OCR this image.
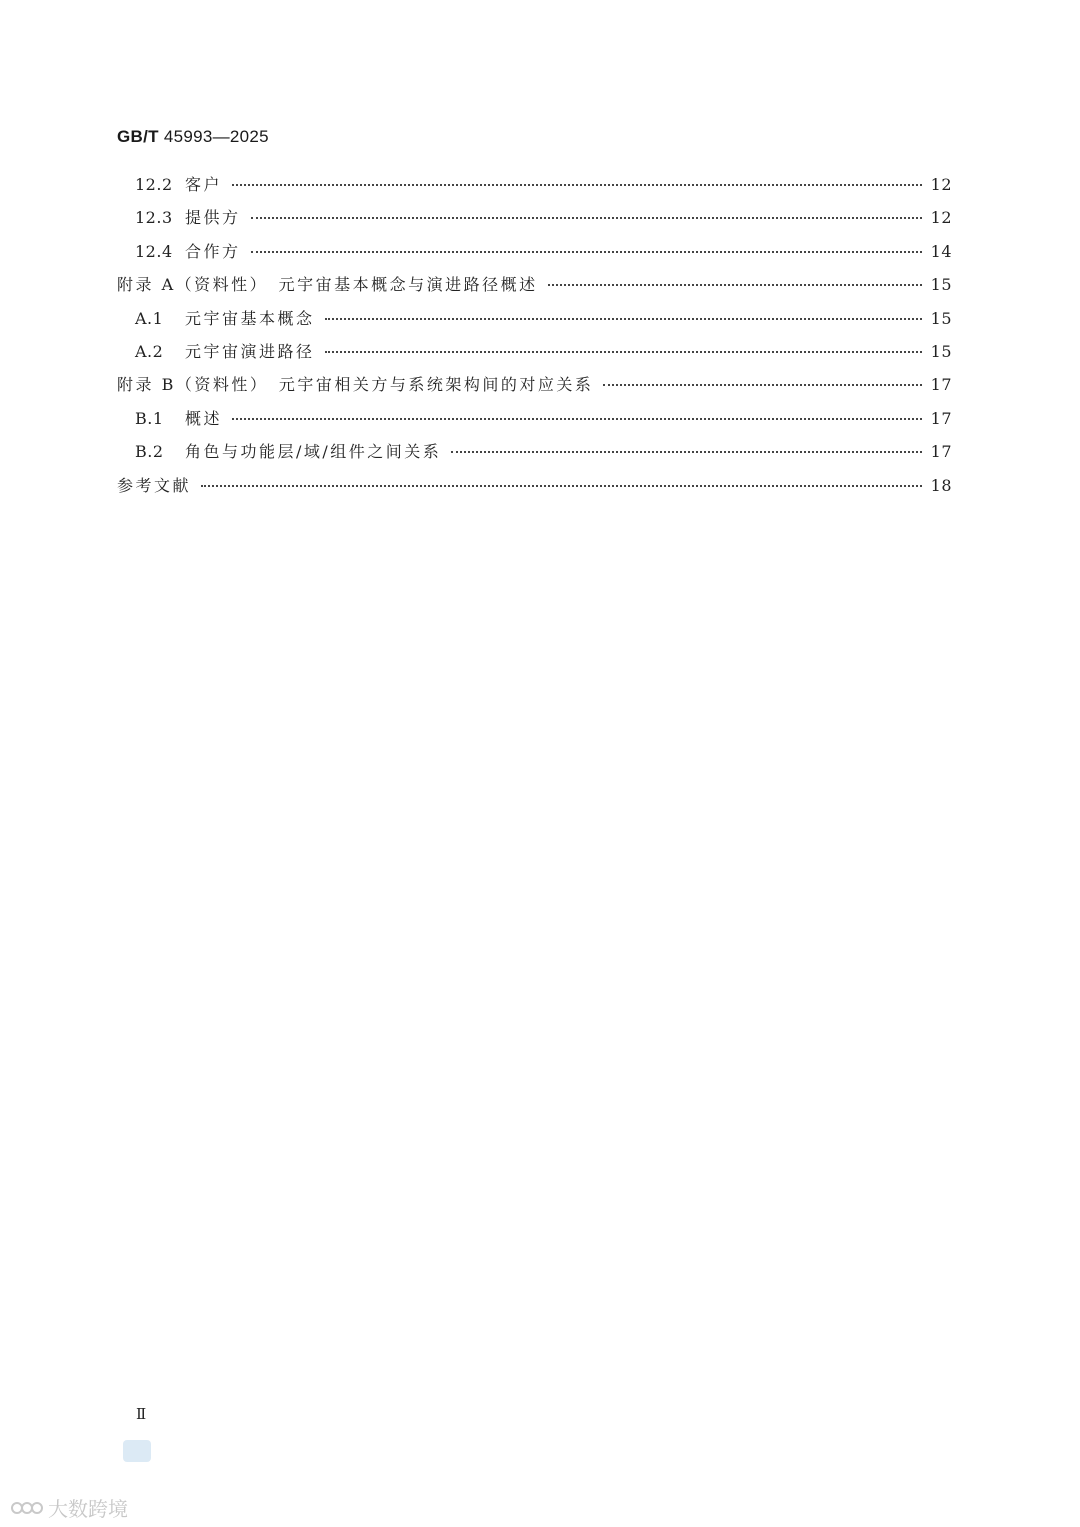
GB/T 45993—2025
12.2 客户	12
12.3 提供方	12
12.4 合作方	14
附录 A（资料性）　元宇宙基本概念与演进路径概述	15
A.1	元宇宙基本概念	15
A.2	元宇宙演进路径	15
附录 B（资料性）　元宇宙相关方与系统架构间的对应关系	17
B.1	概述	17
B.2	角色与功能层/域/组件之间关系	17
参考文献	18
Ⅱ
大数跨境
